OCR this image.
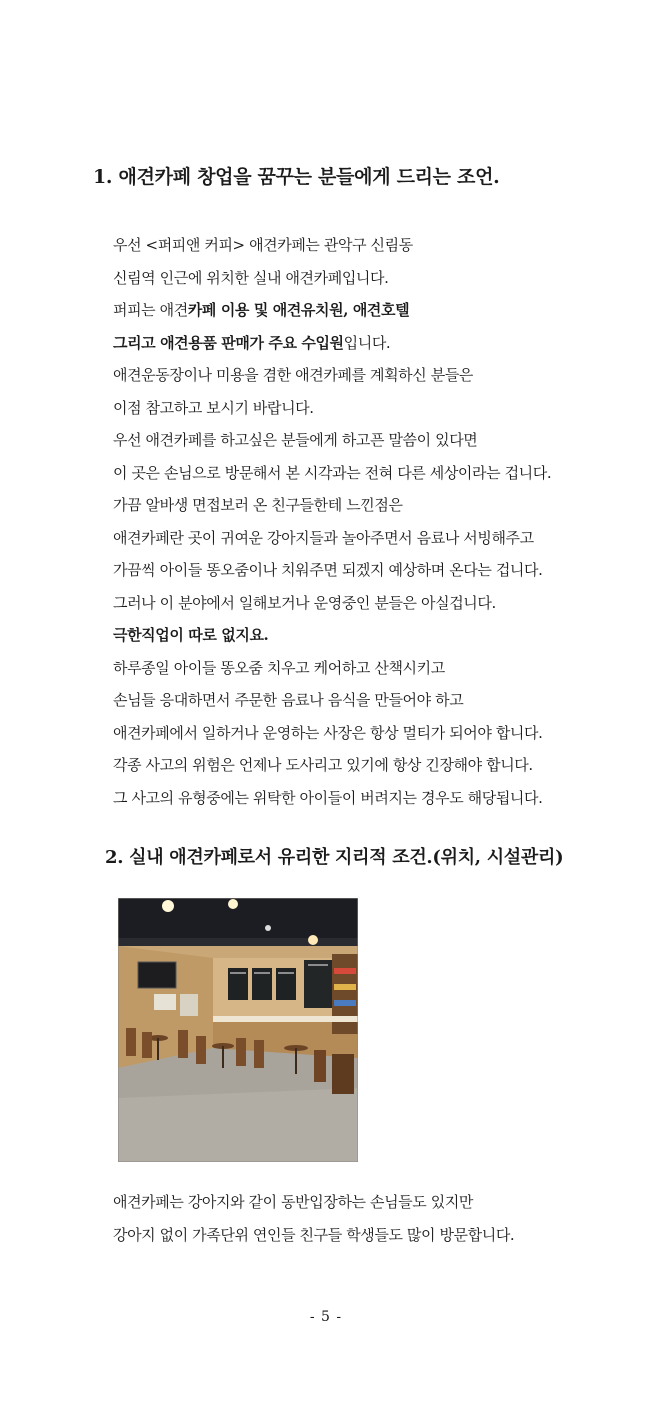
1. 애견카페 창업을 꿈꾸는 분들에게 드리는 조언.
우선 <퍼피앤 커피> 애견카페는 관악구 신림동
신림역 인근에 위치한 실내 애견카페입니다.
퍼피는 애견카페 이용 및 애견유치원, 애견호텔
그리고 애견용품 판매가 주요 수입원입니다.
애견운동장이나 미용을 겸한 애견카페를 계획하신 분들은
이점 참고하고 보시기 바랍니다.
우선 애견카페를 하고싶은 분들에게 하고픈 말씀이 있다면
이 곳은 손님으로 방문해서 본 시각과는 전혀 다른 세상이라는 겁니다.
가끔 알바생 면접보러 온 친구들한테 느낀점은
애견카페란 곳이 귀여운 강아지들과 놀아주면서 음료나 서빙해주고
가끔씩 아이들 똥오줌이나 치워주면 되겠지 예상하며 온다는 겁니다.
그러나 이 분야에서 일해보거나 운영중인 분들은 아실겁니다.
극한직업이 따로 없지요.
하루종일 아이들 똥오줌 치우고 케어하고 산책시키고
손님들 응대하면서 주문한 음료나 음식을 만들어야 하고
애견카페에서 일하거나 운영하는 사장은 항상 멀티가 되어야 합니다.
각종 사고의 위험은 언제나 도사리고 있기에 항상 긴장해야 합니다.
그 사고의 유형중에는 위탁한 아이들이 버려지는 경우도 해당됩니다.
2. 실내 애견카페로서 유리한 지리적 조건.(위치, 시설관리)
애견카페는 강아지와 같이 동반입장하는 손님들도 있지만
강아지 없이 가족단위 연인들 친구들 학생들도 많이 방문합니다.
- 5 -
